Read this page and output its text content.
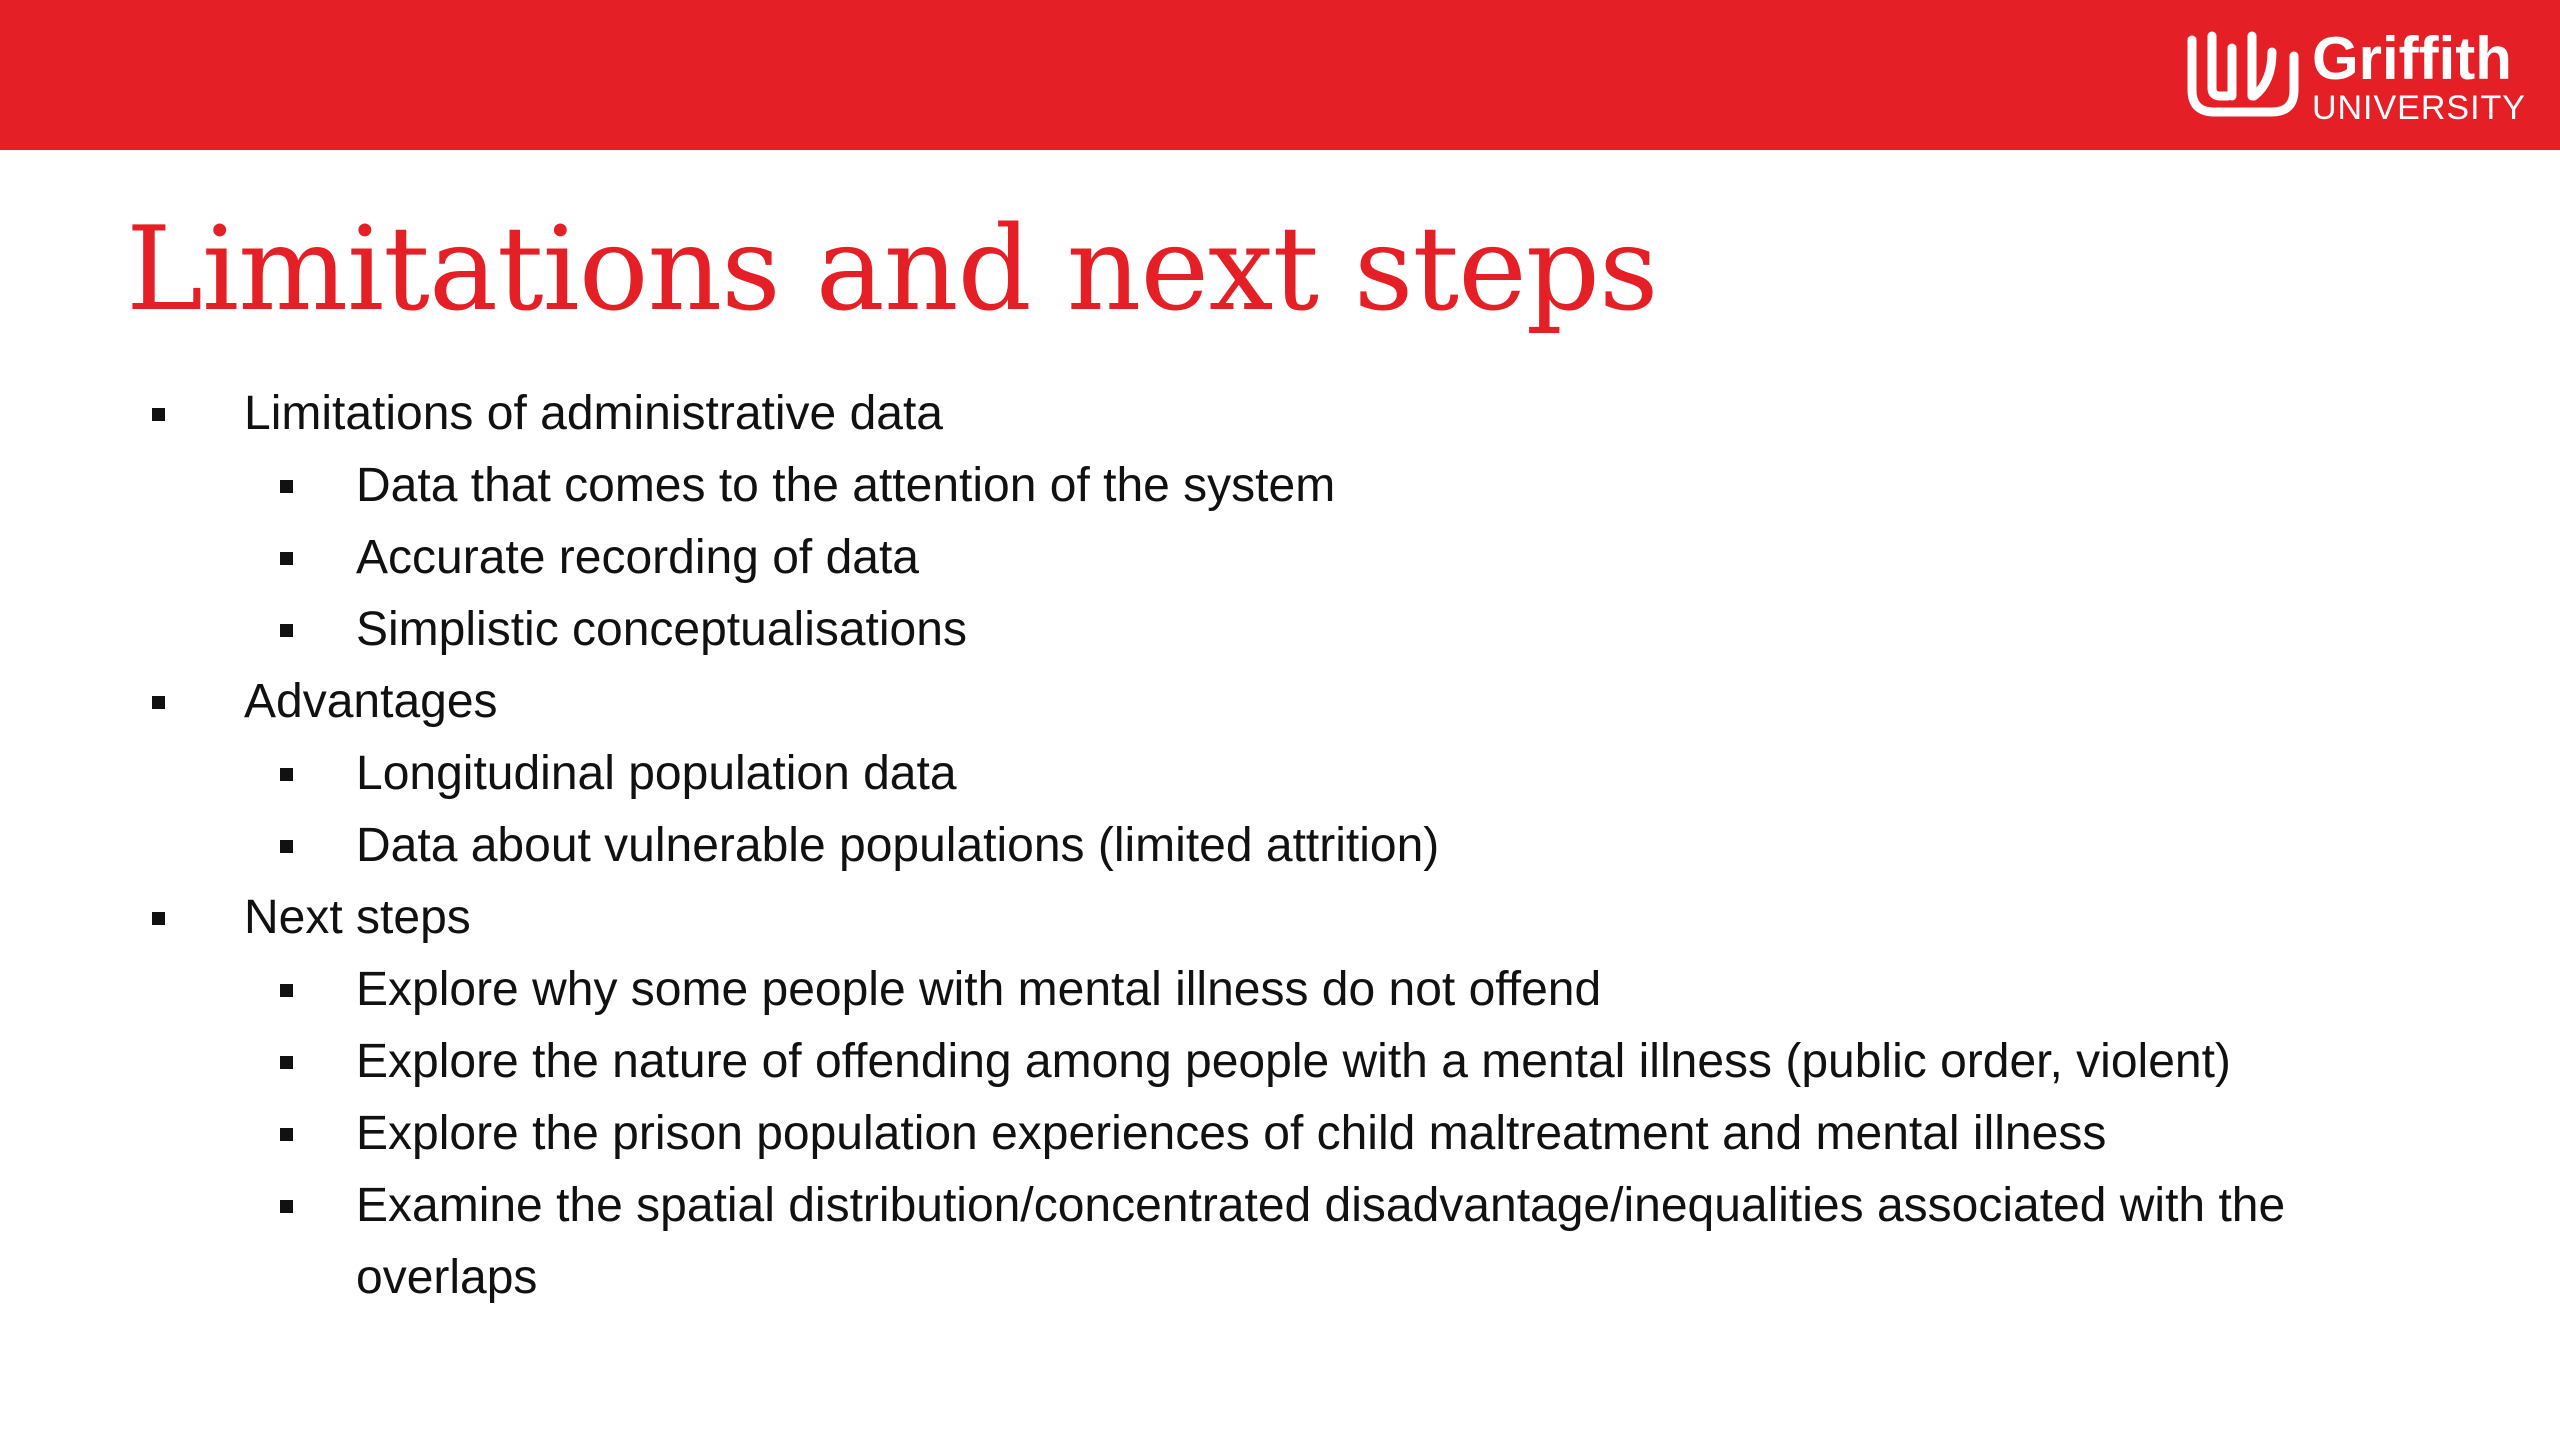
Griffith
UNIVERSITY
Limitations and next steps
Limitations of administrative data
Data that comes to the attention of the system
Accurate recording of data
Simplistic conceptualisations
Advantages
Longitudinal population data
Data about vulnerable populations (limited attrition)
Next steps
Explore why some people with mental illness do not offend
Explore the nature of offending among people with a mental illness (public order, violent)
Explore the prison population experiences of child maltreatment and mental illness
Examine the spatial distribution/concentrated disadvantage/inequalities associated with the overlaps
